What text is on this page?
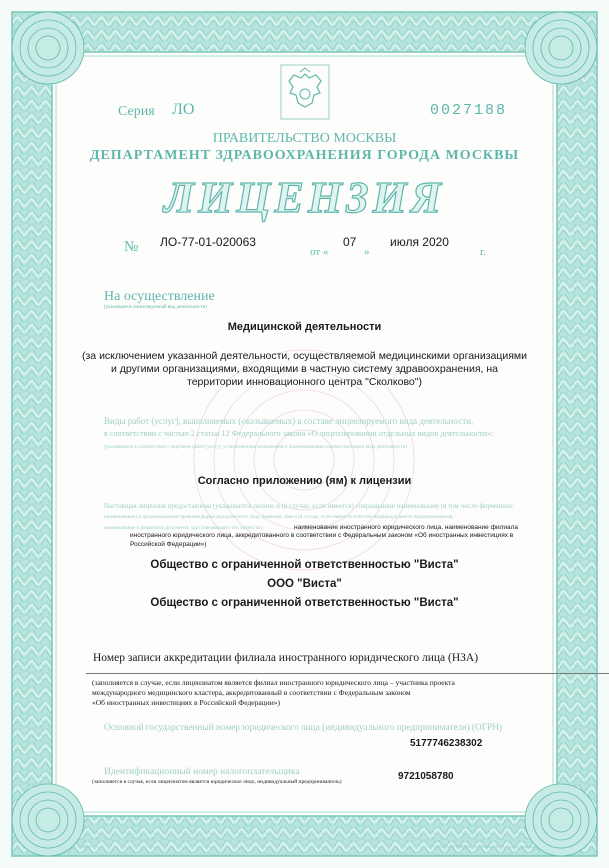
Серия ЛО	0027188
ПРАВИТЕЛЬСТВО МОСКВЫ
ДЕПАРТАМЕНТ ЗДРАВООХРАНЕНИЯ ГОРОДА МОСКВЫ
ЛИЦЕНЗИЯ
№ ЛО-77-01-020063
от «
07
»
июля 2020
г.
На осуществление
(указывается лицензируемый вид деятельности)
Медицинской деятельности
(за исключением указанной деятельности, осуществляемой медицинскими организациями
и другими организациями, входящими в частную систему здравоохранения, на
территории инновационного центра "Сколково")
Виды работ (услуг), выполняемых (оказываемых) в составе лицензируемого вида деятельности,
в соответствии с частью 2 статьи 12 Федерального закона «О лицензировании отдельных видов деятельности»:
(указываются в соответствии с перечнем работ (услуг), установленным положением о лицензировании соответствующего вида деятельности)
Согласно приложению (ям) к лицензии
Настоящая лицензия предоставлена (указывается полное и (в случае, если имеется) сокращенное наименование (в том числе фирменное
наименование) и организационно-правовая форма юридического лица, фамилия, имя и (в случае, если имеется) отчество индивидуального предпринимателя,
наименование и реквизиты документа, удостоверяющего его личность),	наименование иностранного юридического лица, наименование филиала
иностранного юридического лица, аккредитованного в соответствии с Федеральным законом «Об иностранных инвестициях в
Российской Федерации»)
Общество с ограниченной ответственностью "Виста"
ООО "Виста"
Общество с ограниченной ответственностью "Виста"
Номер записи аккредитации филиала иностранного юридического лица (НЗА)
(заполняется в случае, если лицензиатом является филиал иностранного юридического лица – участника проекта
международного медицинского кластера, аккредитованный в соответствии с Федеральным законом
«Об иностранных инвестициях в Российской Федерации»)
Основной государственный номер юридического лица (индивидуального предпринимателя) (ОГРН)
5177746238302
Идентификационный номер налогоплательщика
(заполняется в случае, если лицензиатом является юридическое лицо, индивидуальный предприниматель)	9721058780
0404	ООО «НТТРИНА», г. Москва, 2019 г., «Б», уровень В
